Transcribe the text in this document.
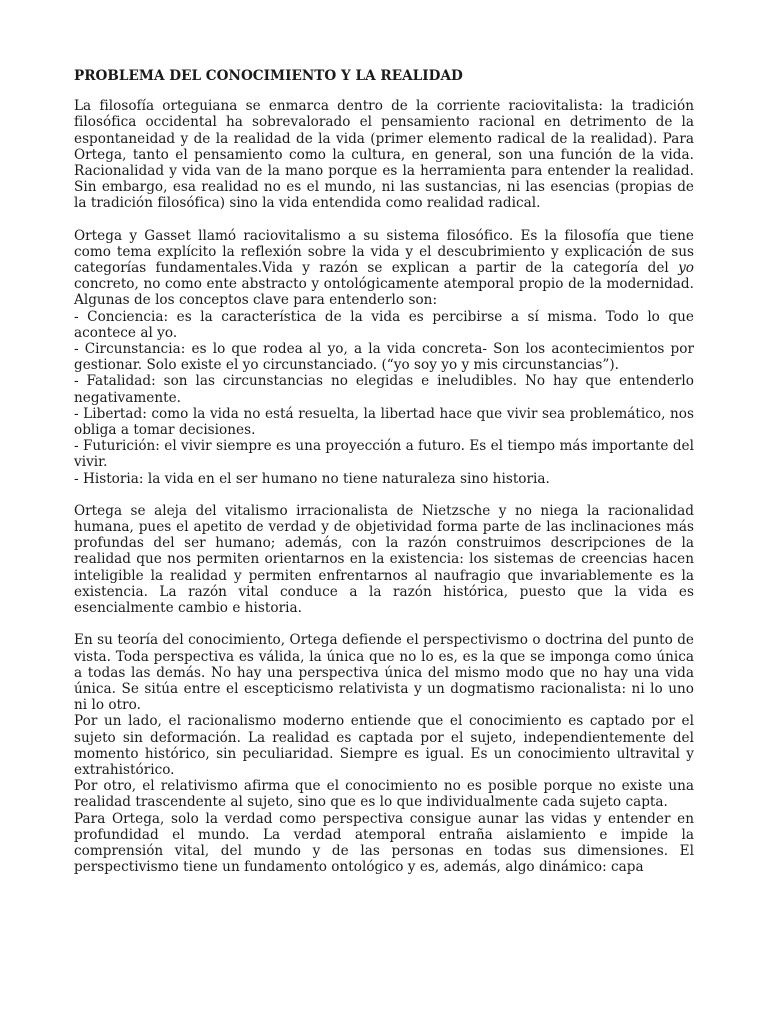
PROBLEMA DEL CONOCIMIENTO Y LA REALIDAD

La filosofía orteguiana se enmarca dentro de la corriente raciovitalista: la tradición filosófica occidental ha sobrevalorado el pensamiento racional en detrimento de la espontaneidad y de la realidad de la vida (primer elemento radical de la realidad). Para Ortega, tanto el pensamiento como la cultura, en general, son una función de la vida. Racionalidad y vida van de la mano porque es la herramienta para entender la realidad. Sin embargo, esa realidad no es el mundo, ni las sustancias, ni las esencias (propias de la tradición filosófica) sino la vida entendida como realidad radical.

Ortega y Gasset llamó raciovitalismo a su sistema filosófico. Es la filosofía que tiene como tema explícito la reflexión sobre la vida y el descubrimiento y explicación de sus categorías fundamentales.Vida y razón se explican a partir de la categoría del yo concreto, no como ente abstracto y ontológicamente atemporal propio de la modernidad. Algunas de los conceptos clave para entenderlo son:

- Conciencia: es la característica de la vida es percibirse a sí misma. Todo lo que acontece al yo.

- Circunstancia: es lo que rodea al yo, a la vida concreta- Son los acontecimientos por gestionar. Solo existe el yo circunstanciado. (“yo soy yo y mis circunstancias”).

- Fatalidad: son las circunstancias no elegidas e ineludibles. No hay que entenderlo negativamente.

- Libertad: como la vida no está resuelta, la libertad hace que vivir sea problemático, nos obliga a tomar decisiones.

- Futurición: el vivir siempre es una proyección a futuro. Es el tiempo más importante del vivir.

- Historia: la vida en el ser humano no tiene naturaleza sino historia.

Ortega se aleja del vitalismo irracionalista de Nietzsche y no niega la racionalidad humana, pues el apetito de verdad y de objetividad forma parte de las inclinaciones más profundas del ser humano; además, con la razón construimos descripciones de la realidad que nos permiten orientarnos en la existencia: los sistemas de creencias hacen inteligible la realidad y permiten enfrentarnos al naufragio que invariablemente es la existencia. La razón vital conduce a la razón histórica, puesto que la vida es esencialmente cambio e historia.

En su teoría del conocimiento, Ortega defiende el perspectivismo o doctrina del punto de vista. Toda perspectiva es válida, la única que no lo es, es la que se imponga como única a todas las demás. No hay una perspectiva única del mismo modo que no hay una vida única. Se sitúa entre el escepticismo relativista y un dogmatismo racionalista: ni lo uno ni lo otro.

Por un lado, el racionalismo moderno entiende que el conocimiento es captado por el sujeto sin deformación. La realidad es captada por el sujeto, independientemente del momento histórico, sin peculiaridad. Siempre es igual. Es un conocimiento ultravital y extrahistórico.

Por otro, el relativismo afirma que el conocimiento no es posible porque no existe una realidad trascendente al sujeto, sino que es lo que individualmente cada sujeto capta.

Para Ortega, solo la verdad como perspectiva consigue aunar las vidas y entender en profundidad el mundo. La verdad atemporal entraña aislamiento e impide la comprensión vital, del mundo y de las personas en todas sus dimensiones. El perspectivismo tiene un fundamento ontológico y es, además, algo dinámico: capa
